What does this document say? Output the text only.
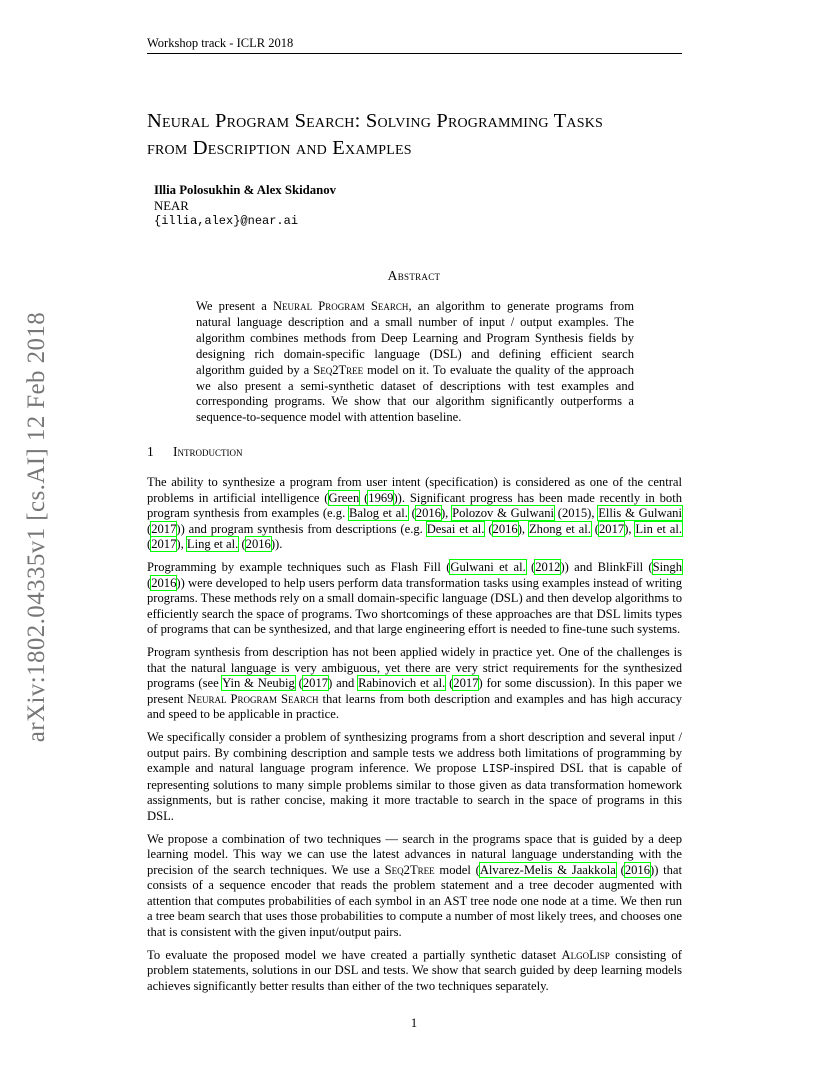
Workshop track - ICLR 2018
Neural Program Search: Solving Programming Tasks
from Description and Examples
Illia Polosukhin & Alex Skidanov
NEAR
{illia,alex}@near.ai
Abstract
We present a Neural Program Search, an algorithm to generate programs from natural language description and a small number of input / output examples. The algorithm combines methods from Deep Learning and Program Synthesis fields by designing rich domain-specific language (DSL) and defining efficient search algorithm guided by a Seq2Tree model on it. To evaluate the quality of the approach we also present a semi-synthetic dataset of descriptions with test examples and corresponding programs. We show that our algorithm significantly outperforms a sequence-to-sequence model with attention baseline.
1 Introduction

The ability to synthesize a program from user intent (specification) is considered as one of the central problems in artificial intelligence (Green (1969)). Significant progress has been made recently in both program synthesis from examples (e.g. Balog et al. (2016), Polozov & Gulwani (2015), Ellis & Gulwani (2017)) and program synthesis from descriptions (e.g. Desai et al. (2016), Zhong et al. (2017), Lin et al. (2017), Ling et al. (2016)).

Programming by example techniques such as Flash Fill (Gulwani et al. (2012)) and BlinkFill (Singh (2016)) were developed to help users perform data transformation tasks using examples instead of writing programs. These methods rely on a small domain-specific language (DSL) and then develop algorithms to efficiently search the space of programs. Two shortcomings of these approaches are that DSL limits types of programs that can be synthesized, and that large engineering effort is needed to fine-tune such systems.

Program synthesis from description has not been applied widely in practice yet. One of the challenges is that the natural language is very ambiguous, yet there are very strict requirements for the synthesized programs (see Yin & Neubig (2017) and Rabinovich et al. (2017) for some discussion). In this paper we present Neural Program Search that learns from both description and examples and has high accuracy and speed to be applicable in practice.

We specifically consider a problem of synthesizing programs from a short description and several input / output pairs. By combining description and sample tests we address both limitations of programming by example and natural language program inference. We propose LISP-inspired DSL that is capable of representing solutions to many simple problems similar to those given as data transformation homework assignments, but is rather concise, making it more tractable to search in the space of programs in this DSL.

We propose a combination of two techniques — search in the programs space that is guided by a deep learning model. This way we can use the latest advances in natural language understanding with the precision of the search techniques. We use a Seq2Tree model (Alvarez-Melis & Jaakkola (2016)) that consists of a sequence encoder that reads the problem statement and a tree decoder augmented with attention that computes probabilities of each symbol in an AST tree node one node at a time. We then run a tree beam search that uses those probabilities to compute a number of most likely trees, and chooses one that is consistent with the given input/output pairs.

To evaluate the proposed model we have created a partially synthetic dataset AlgoLisp consisting of problem statements, solutions in our DSL and tests. We show that search guided by deep learning models achieves significantly better results than either of the two techniques separately.

1
arXiv:1802.04335v1 [cs.AI] 12 Feb 2018
